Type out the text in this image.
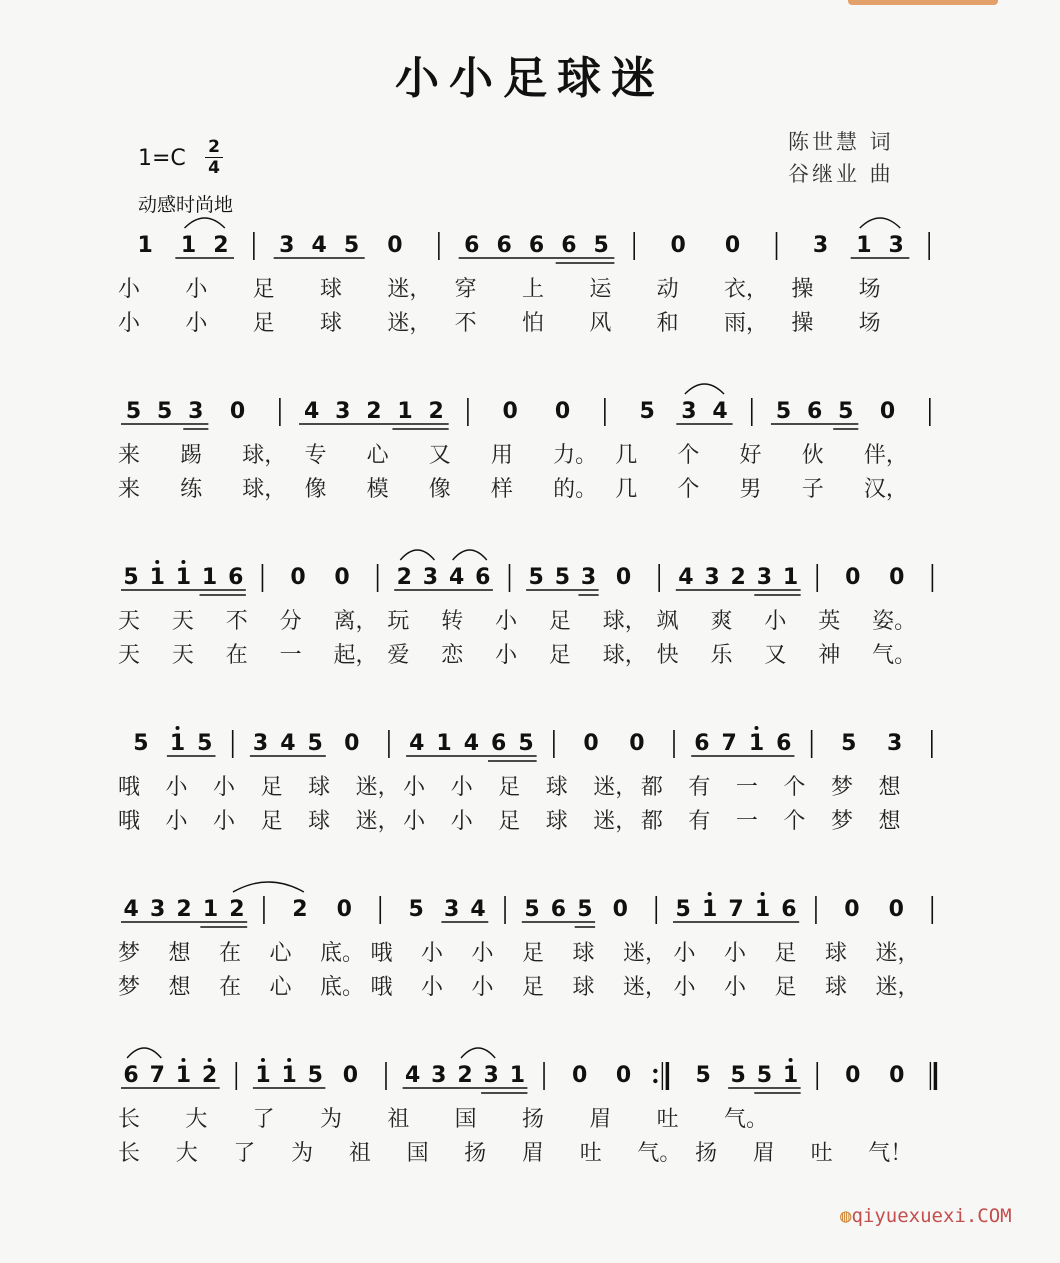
小小足球迷
1=C 2
4
动感时尚地
陈世慧 词
谷继业 曲
1 1 2 3 4 5 0	6 6 6 6 5	0 0	3 1 3
小 小 足 球 迷， 穿 上 运 动 衣， 操 场
小 小 足 球 迷， 不 怕 风 和 雨， 操 场
5 5 3 0	4 3 2 1 2	0 0	5 3 4 5 6 5 0
来 踢 球， 专 心 又 用 力。 几 个 好 伙 伴，
来 练 球， 像 模 像 样 的。 几 个 男 子 汉，
5 1 1 1 6 0 0 2 3 4 6 5 5 3 0 4 3 2 3 1 0 0
天 天 不 分 离， 玩 转 小 足 球， 飒 爽 小 英 姿。
天 天 在 一 起， 爱 恋 小 足 球， 快 乐 又 神 气。
5 1 5 3 4 5 0 4 1 4 6 5 0 0 6 7 1 6 5 3
哦 小 小 足 球 迷， 小 小 足 球 迷， 都 有 一 个 梦 想
哦 小 小 足 球 迷， 小 小 足 球 迷， 都 有 一 个 梦 想
4 3 2 1 2 2 0	5 3 4 5 6 5 0 5 1 7 1 6 0 0
梦 想 在 心 底。 哦 小 小 足 球 迷， 小 小 足 球 迷，
梦 想 在 心 底。 哦 小 小 足 球 迷， 小 小 足 球 迷，
6 7 1 2 1 1 5 0 4 3 2 3 1 0 0	5 5 5 1 0 0
长 大 了 为 祖 国 扬 眉 吐 气。
长 大 了 为 祖 国 扬 眉 吐 气。 扬 眉 吐 气！
◍qiyuexuexi.COM
